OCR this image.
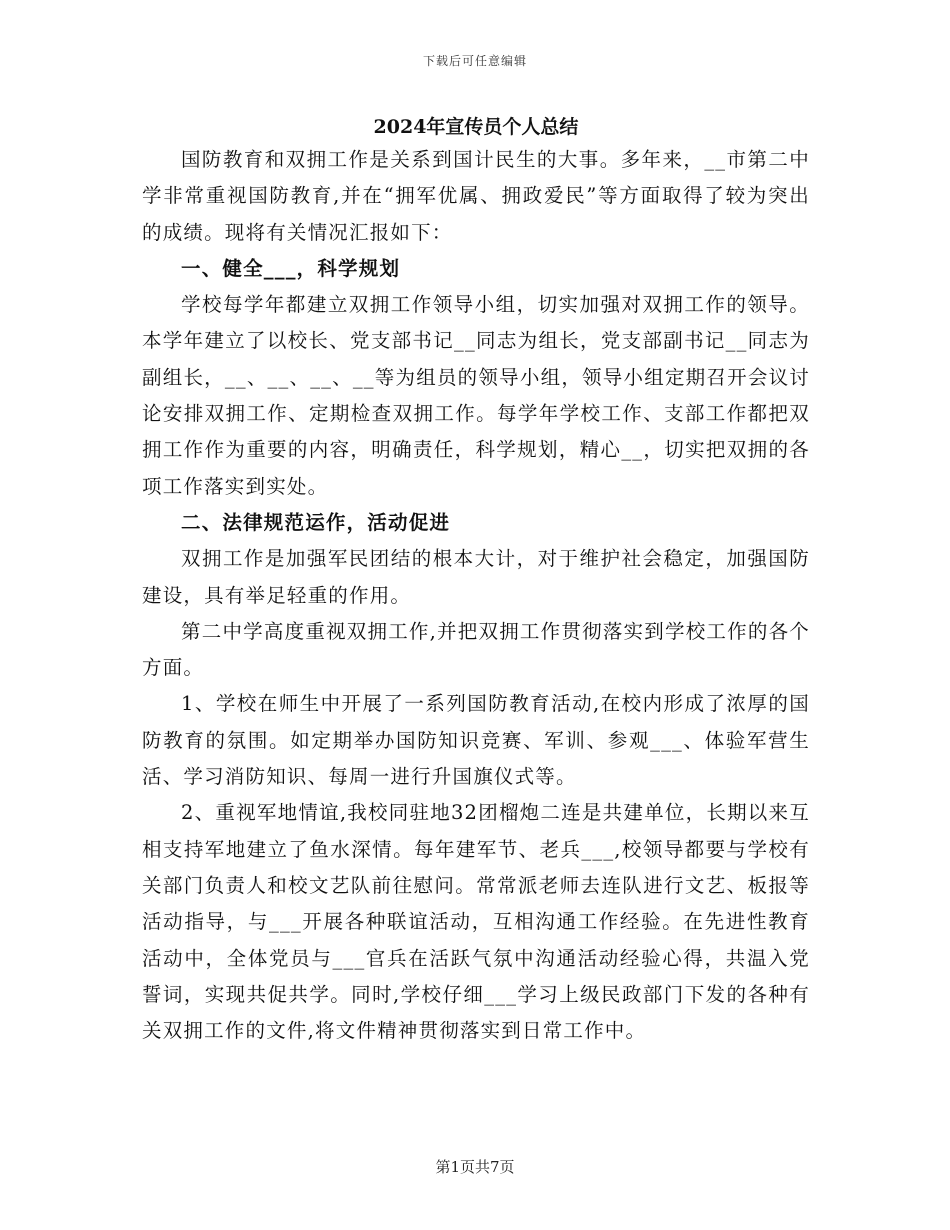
下载后可任意编辑
2024年宣传员个人总结

国防教育和双拥工作是关系到国计民生的大事。多年来，__市第二中学非常重视国防教育,并在“拥军优属、拥政爱民”等方面取得了较为突出的成绩。现将有关情况汇报如下：

一、健全___，科学规划

学校每学年都建立双拥工作领导小组，切实加强对双拥工作的领导。本学年建立了以校长、党支部书记__同志为组长，党支部副书记__同志为副组长，__、__、__、__等为组员的领导小组，领导小组定期召开会议讨论安排双拥工作、定期检查双拥工作。每学年学校工作、支部工作都把双拥工作作为重要的内容，明确责任，科学规划，精心__，切实把双拥的各项工作落实到实处。

二、法律规范运作，活动促进

双拥工作是加强军民团结的根本大计，对于维护社会稳定，加强国防建设，具有举足轻重的作用。

第二中学高度重视双拥工作,并把双拥工作贯彻落实到学校工作的各个方面。

1、学校在师生中开展了一系列国防教育活动,在校内形成了浓厚的国防教育的氛围。如定期举办国防知识竞赛、军训、参观___、体验军营生活、学习消防知识、每周一进行升国旗仪式等。

2、重视军地情谊,我校同驻地32团榴炮二连是共建单位，长期以来互相支持军地建立了鱼水深情。每年建军节、老兵___,校领导都要与学校有关部门负责人和校文艺队前往慰问。常常派老师去连队进行文艺、板报等活动指导，与___开展各种联谊活动，互相沟通工作经验。在先进性教育活动中，全体党员与___官兵在活跃气氛中沟通活动经验心得，共温入党誓词，实现共促共学。同时,学校仔细___学习上级民政部门下发的各种有关双拥工作的文件,将文件精神贯彻落实到日常工作中。

第1页共7页
